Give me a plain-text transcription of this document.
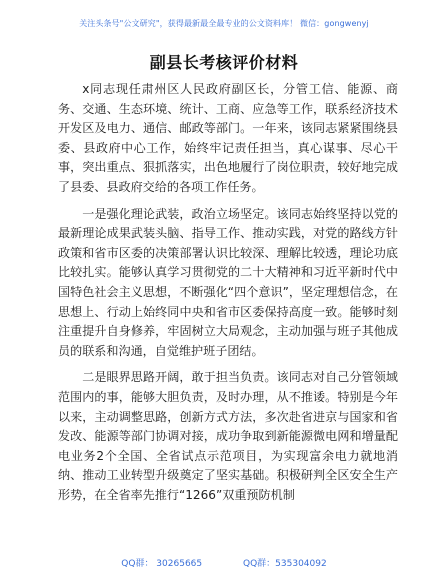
关注头条号"公文研究"，获得最新最全最专业的公文资料库！ 微信：gongwenyj
副县长考核评价材料

x同志现任肃州区人民政府副区长，分管工信、能源、商务、交通、生态环境、统计、工商、应急等工作，联系经济技术开发区及电力、通信、邮政等部门。一年来，该同志紧紧围绕县委、县政府中心工作，始终牢记责任担当，真心谋事、尽心干事，突出重点、狠抓落实，出色地履行了岗位职责，较好地完成了县委、县政府交给的各项工作任务。

一是强化理论武装，政治立场坚定。该同志始终坚持以党的最新理论成果武装头脑、指导工作、推动实践，对党的路线方针政策和省市区委的决策部署认识比较深、理解比较透，理论功底比较扎实。能够认真学习贯彻党的二十大精神和习近平新时代中国特色社会主义思想，不断强化“四个意识”，坚定理想信念，在思想上、行动上始终同中央和省市区委保持高度一致。能够时刻注重提升自身修养，牢固树立大局观念，主动加强与班子其他成员的联系和沟通，自觉维护班子团结。

二是眼界思路开阔，敢于担当负责。该同志对自己分管领域范围内的事，能够大胆负责，及时办理，从不推诿。特别是今年以来，主动调整思路，创新方式方法，多次赴省进京与国家和省发改、能源等部门协调对接，成功争取到新能源微电网和增量配电业务2个全国、全省试点示范项目，为实现富余电力就地消纳、推动工业转型升级奠定了坚实基础。积极研判全区安全生产形势，在全省率先推行“1266”双重预防机制

QQ群： 30265665	QQ群：535304092
